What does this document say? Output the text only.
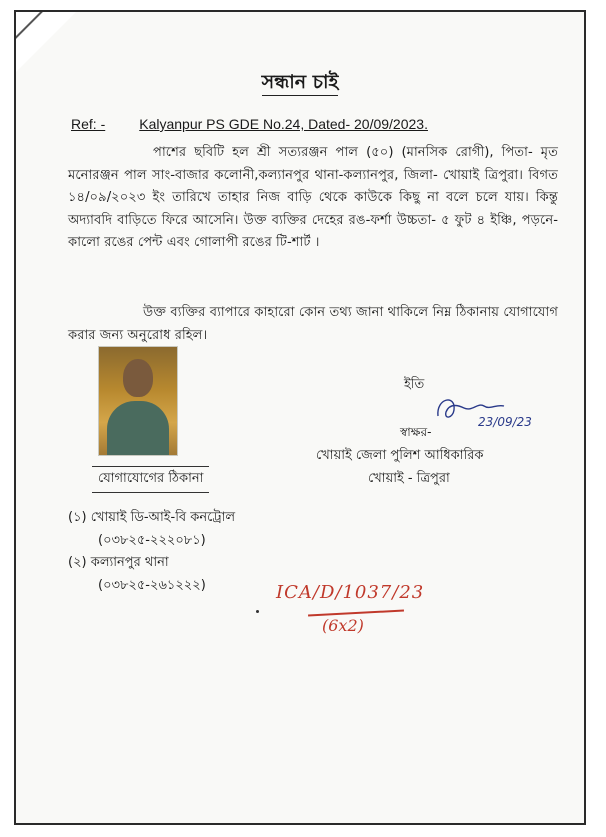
সন্ধান চাই
Ref: - Kalyanpur PS GDE No.24, Dated- 20/09/2023.
পাশের ছবিটি হল শ্রী সত্যরঞ্জন পাল (৫০) (মানসিক রোগী), পিতা- মৃত মনোরঞ্জন পাল সাং-বাজার কলোনী,কল্যানপুর থানা-কল্যানপুর, জিলা- খোয়াই ত্রিপুরা। বিগত ১৪/০৯/২০২৩ ইং তারিখে তাহার নিজ বাড়ি থেকে কাউকে কিছু না বলে চলে যায়। কিন্তু অদ্যাবদি বাড়িতে ফিরে আসেনি। উক্ত ব্যক্তির দেহের রঙ-ফর্শা উচ্চতা- ৫ ফুট ৪ ইঞ্চি, পড়নে- কালো রঙের পেন্ট এবং গোলাপী রঙের টি-শার্ট ।
উক্ত ব্যক্তির ব্যাপারে কাহারো কোন তথ্য জানা থাকিলে নিম্ন ঠিকানায় যোগাযোগ করার জন্য অনুরোধ রহিল।
যোগাযোগের ঠিকানা
ইতি
23/09/23
স্বাক্ষর-
খোয়াই জেলা পুলিশ আধিকারিক
খোয়াই - ত্রিপুরা
(১) খোয়াই ডি-আই-বি কনট্রোল
(০৩৮২৫-২২২০৮১)
(২) কল্যানপুর থানা
(০৩৮২৫-২৬১২২২)	ICA/D/1037/23
(6x2)
